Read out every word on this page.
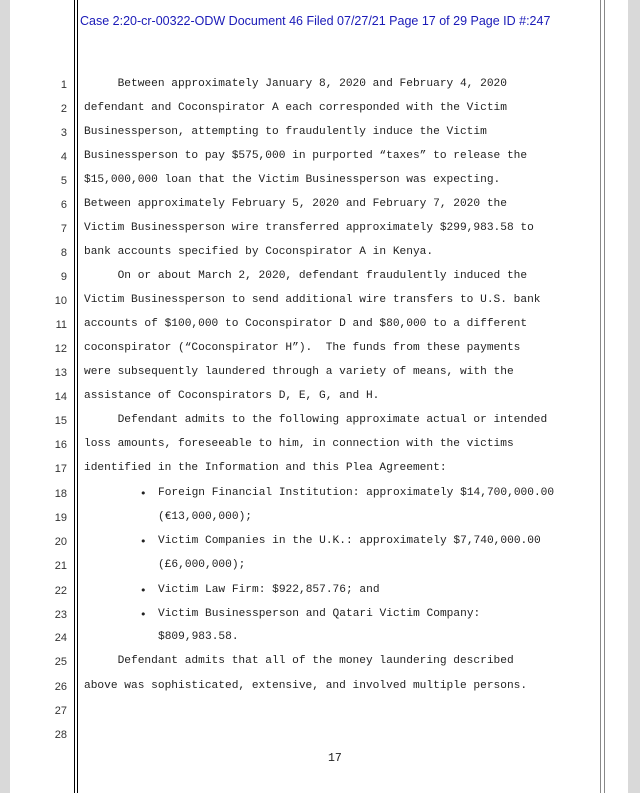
Case 2:20-cr-00322-ODW Document 46 Filed 07/27/21 Page 17 of 29 Page ID #:247
1
2
3
4
5
6
7
8
9
10
11
12
13
14
15
16
17
18
19
20
21
22
23
24
25
26
27
28
Between approximately January 8, 2020 and February 4, 2020
defendant and Coconspirator A each corresponded with the Victim
Businessperson, attempting to fraudulently induce the Victim
Businessperson to pay $575,000 in purported “taxes” to release the
$15,000,000 loan that the Victim Businessperson was expecting.
Between approximately February 5, 2020 and February 7, 2020 the
Victim Businessperson wire transferred approximately $299,983.58 to
bank accounts specified by Coconspirator A in Kenya.
On or about March 2, 2020, defendant fraudulently induced the
Victim Businessperson to send additional wire transfers to U.S. bank
accounts of $100,000 to Coconspirator D and $80,000 to a different
coconspirator (“Coconspirator H”).  The funds from these payments
were subsequently laundered through a variety of means, with the
assistance of Coconspirators D, E, G, and H.
Defendant admits to the following approximate actual or intended
loss amounts, foreseeable to him, in connection with the victims
identified in the Information and this Plea Agreement:
Foreign Financial Institution: approximately $14,700,000.00
•
(€13,000,000);
Victim Companies in the U.K.: approximately $7,740,000.00
•
(£6,000,000);
Victim Law Firm: $922,857.76; and
•
Victim Businessperson and Qatari Victim Company:
•
$809,983.58.
Defendant admits that all of the money laundering described
above was sophisticated, extensive, and involved multiple persons.
17
